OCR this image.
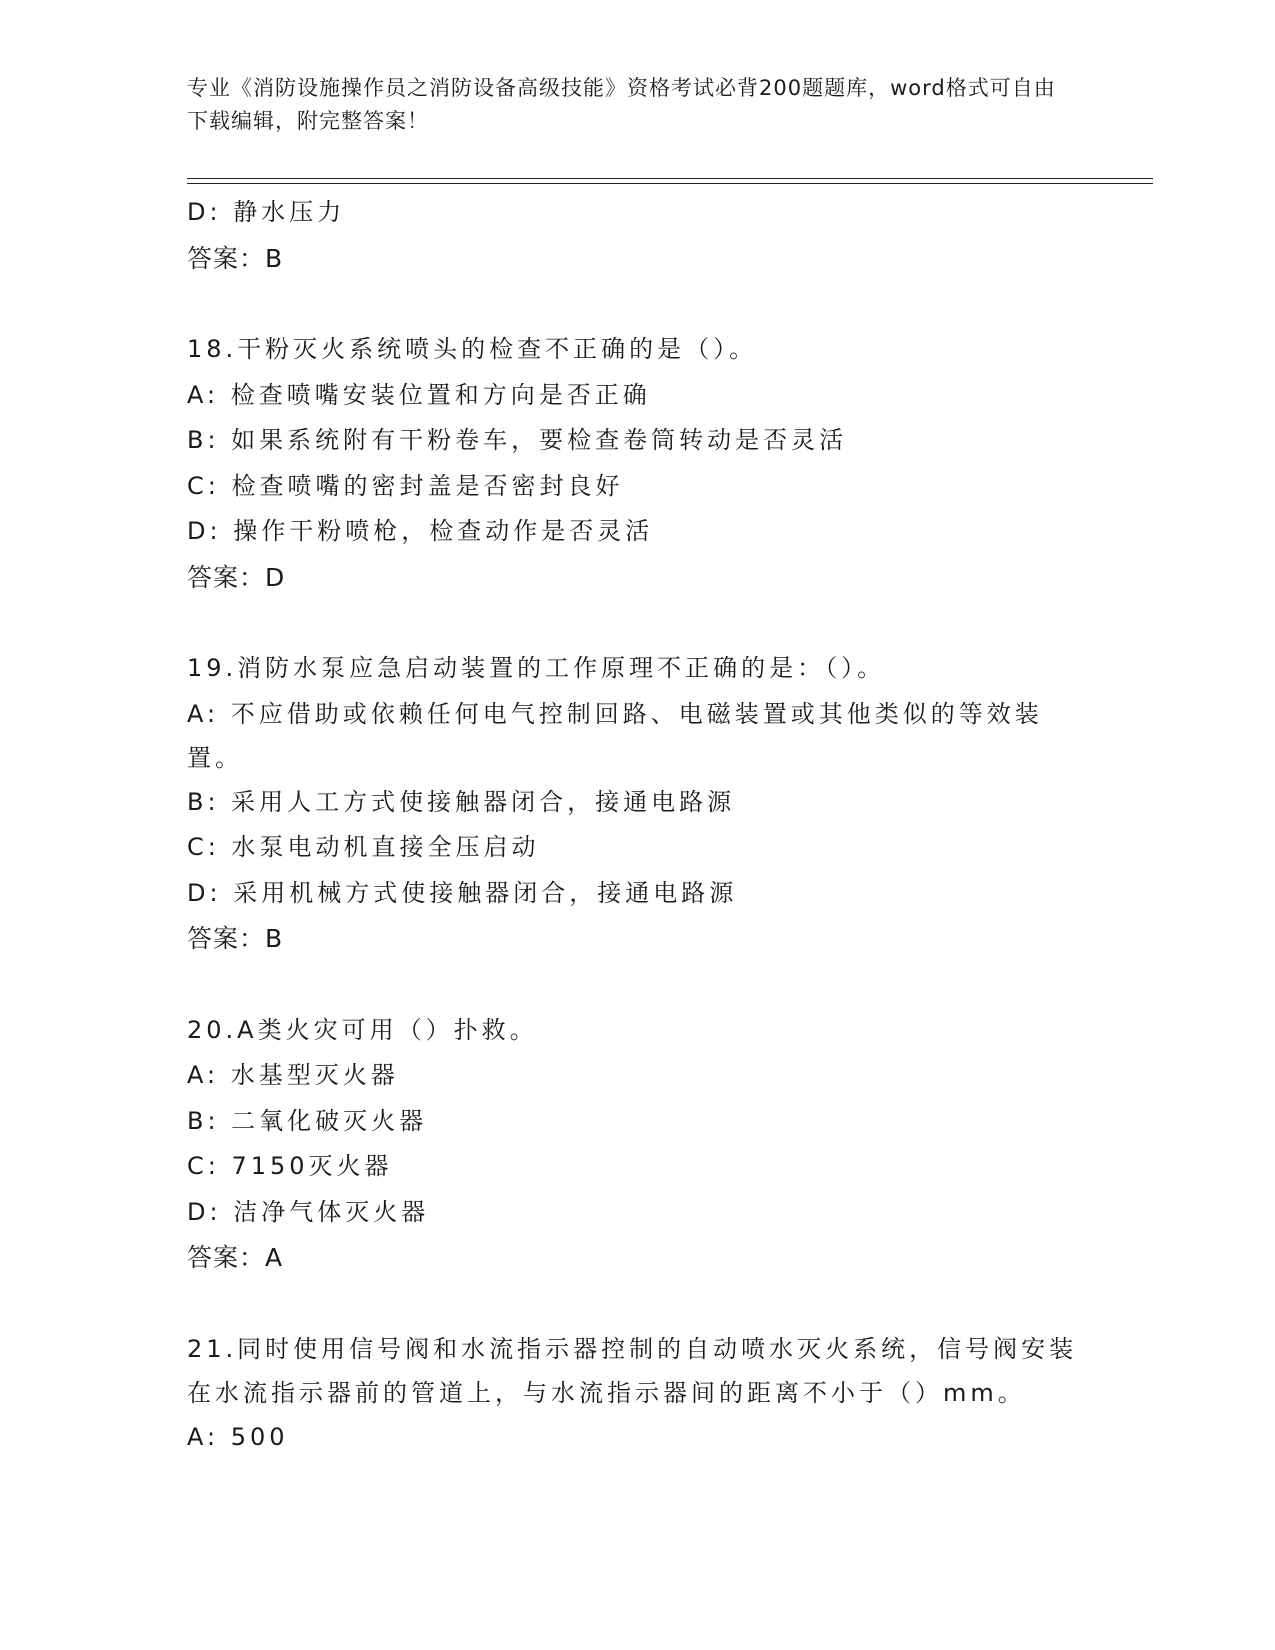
专业《消防设施操作员之消防设备高级技能》资格考试必背200题题库，word格式可自由下载编辑，附完整答案！
D: 静水压力
答案：B
18.干粉灭火系统喷头的检查不正确的是（）。
A: 检查喷嘴安装位置和方向是否正确
B: 如果系统附有干粉卷车，要检查卷筒转动是否灵活
C: 检查喷嘴的密封盖是否密封良好
D: 操作干粉喷枪，检查动作是否灵活
答案：D
19.消防水泵应急启动装置的工作原理不正确的是：（）。
A: 不应借助或依赖任何电气控制回路、电磁装置或其他类似的等效装置。
B: 采用人工方式使接触器闭合，接通电路源
C: 水泵电动机直接全压启动
D: 采用机械方式使接触器闭合，接通电路源
答案：B
20.A类火灾可用（）扑救。
A: 水基型灭火器
B: 二氧化破灭火器
C: 7150灭火器
D: 洁净气体灭火器
答案：A
21.同时使用信号阀和水流指示器控制的自动喷水灭火系统，信号阀安装在水流指示器前的管道上，与水流指示器间的距离不小于（）mm。
A: 500
